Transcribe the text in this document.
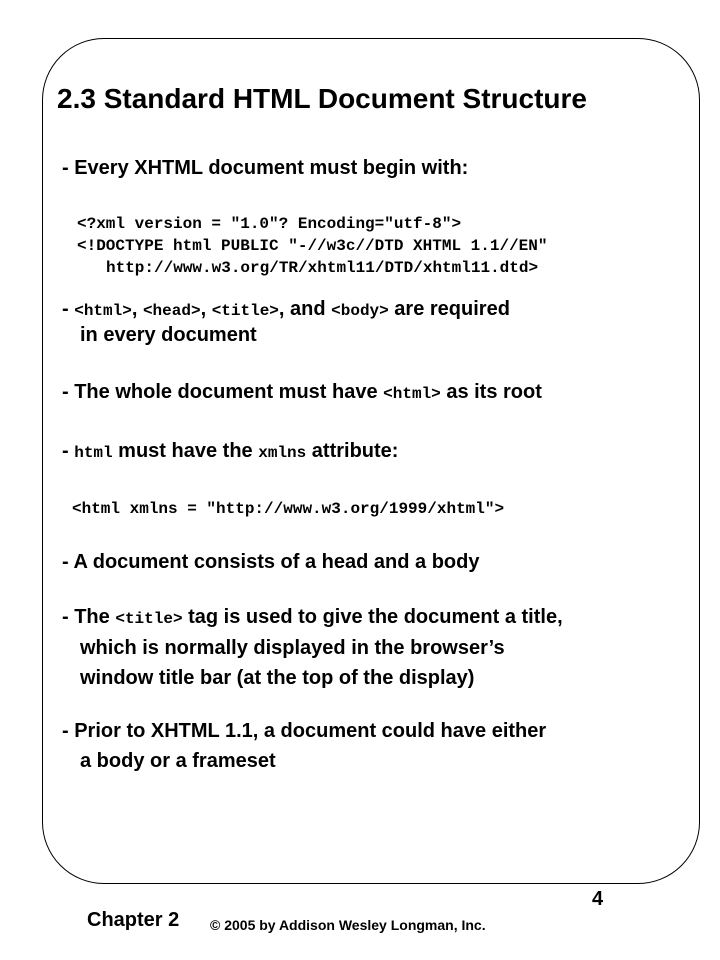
2.3 Standard HTML Document Structure
- Every XHTML document must begin with:
<?xml version = ″1.0″? Encoding=″utf-8″>
<!DOCTYPE html PUBLIC ″-//w3c//DTD XHTML 1.1//EN″
http://www.w3.org/TR/xhtml11/DTD/xhtml11.dtd>
- <html>, <head>, <title>, and <body> are required
in every document
- The whole document must have <html> as its root
- html must have the xmlns attribute:
<html xmlns = ″http://www.w3.org/1999/xhtml″>
- A document consists of a head and a body
- The <title> tag is used to give the document a title,
which is normally displayed in the browser’s
window title bar (at the top of the display)
- Prior to XHTML 1.1, a document could have either
a body or a frameset
Chapter 2 © 2005 by Addison Wesley Longman, Inc.
4
